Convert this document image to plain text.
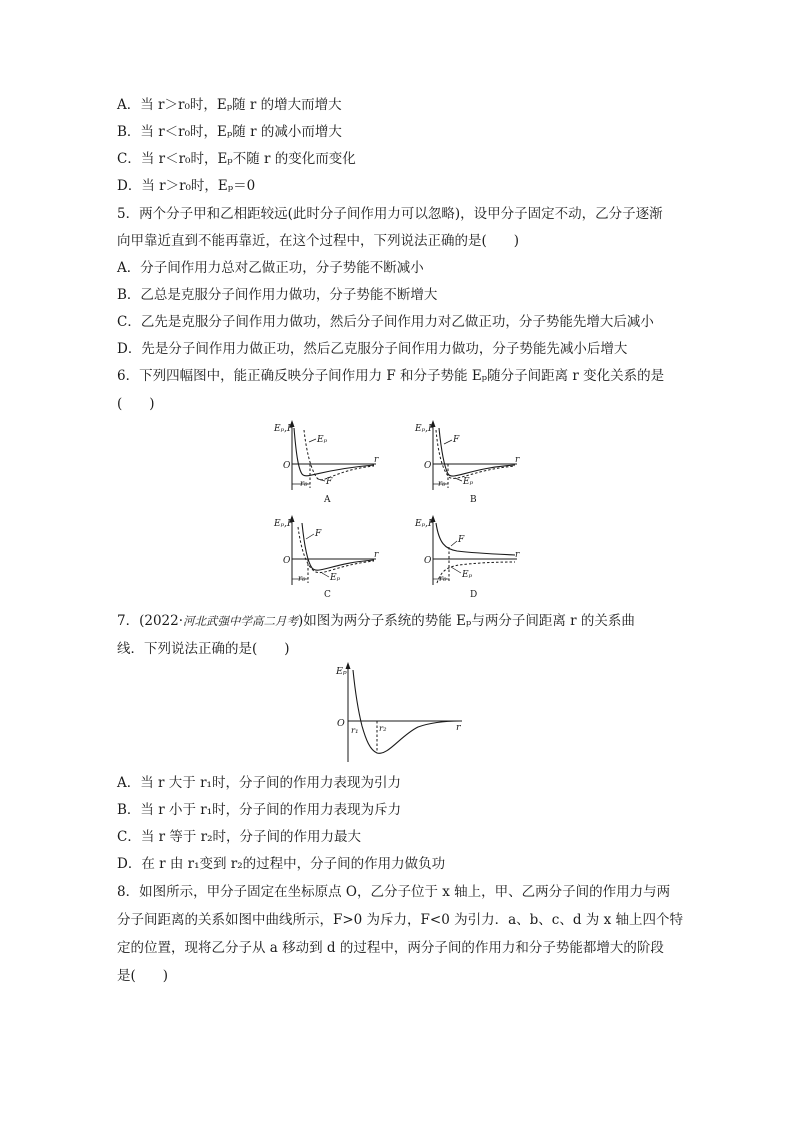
A．当 r＞r₀时，Eₚ随 r 的增大而增大
B．当 r＜r₀时，Eₚ随 r 的减小而增大
C．当 r＜r₀时，Eₚ不随 r 的变化而变化
D．当 r＞r₀时，Eₚ＝0
5．两个分子甲和乙相距较远(此时分子间作用力可以忽略)，设甲分子固定不动，乙分子逐渐
向甲靠近直到不能再靠近，在这个过程中，下列说法正确的是(　　)
A．分子间作用力总对乙做正功，分子势能不断减小
B．乙总是克服分子间作用力做功，分子势能不断增大
C．乙先是克服分子间作用力做功，然后分子间作用力对乙做正功，分子势能先增大后减小
D．先是分子间作用力做正功，然后乙克服分子间作用力做功，分子势能先减小后增大
6．下列四幅图中，能正确反映分子间作用力 F 和分子势能 Eₚ随分子间距离 r 变化关系的是
(　　)
Eₚ,F
O
r
r₀
Eₚ
F
A
Eₚ,F
O
r
r₀
F
Eₚ
B
Eₚ,F
O
r
r₀
F
Eₚ
C
Eₚ,F
O
r
r₀
F
Eₚ
D
7．(2022·河北武强中学高二月考)如图为两分子系统的势能 Eₚ与两分子间距离 r 的关系曲
线．下列说法正确的是(　　)
Eₚ
O	r
r₁ r₂
A．当 r 大于 r₁时，分子间的作用力表现为引力
B．当 r 小于 r₁时，分子间的作用力表现为斥力
C．当 r 等于 r₂时，分子间的作用力最大
D．在 r 由 r₁变到 r₂的过程中，分子间的作用力做负功
8．如图所示，甲分子固定在坐标原点 O，乙分子位于 x 轴上，甲、乙两分子间的作用力与两
分子间距离的关系如图中曲线所示，F>0 为斥力，F<0 为引力．a、b、c、d 为 x 轴上四个特
定的位置，现将乙分子从 a 移动到 d 的过程中，两分子间的作用力和分子势能都增大的阶段
是(　　)
